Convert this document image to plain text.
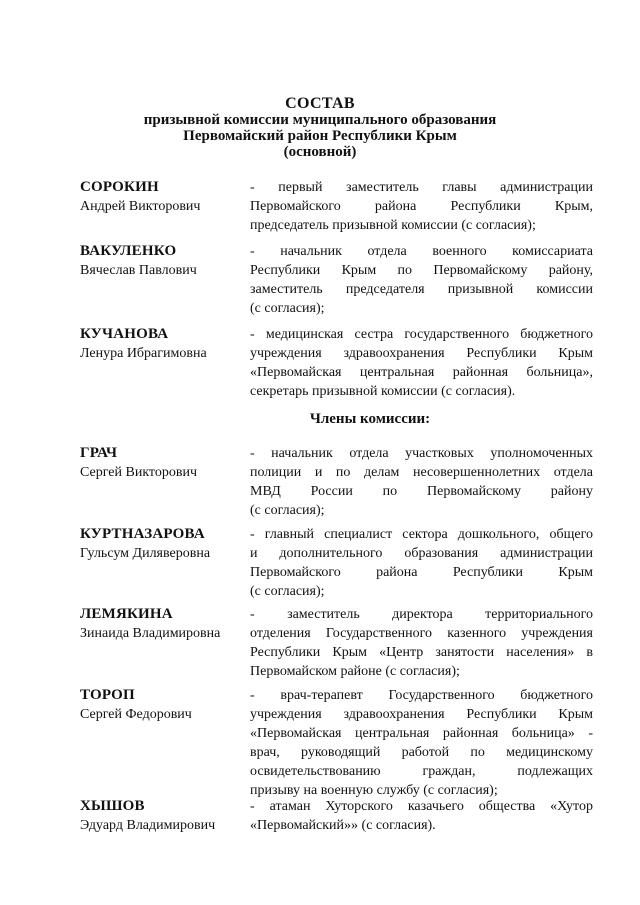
СОСТАВ
призывной комиссии муниципального образования
Первомайский район Республики Крым
(основной)
СОРОКИН
Андрей Викторович
- первый заместитель главы администрации
Первомайского района Республики Крым,
председатель призывной комиссии (с согласия);
ВАКУЛЕНКО
Вячеслав Павлович
- начальник отдела военного комиссариата
Республики Крым по Первомайскому району,
заместитель председателя призывной комиссии
(с согласия);
КУЧАНОВА
Ленура Ибрагимовна
- медицинская сестра государственного бюджетного
учреждения здравоохранения Республики Крым
«Первомайская центральная районная больница»,
секретарь призывной комиссии (с согласия).
Члены комиссии:
ГРАЧ
Сергей Викторович
- начальник отдела участковых уполномоченных
полиции и по делам несовершеннолетних отдела
МВД России по Первомайскому району
(с согласия);
КУРТНАЗАРОВА
Гульсум Диляверовна
- главный специалист сектора дошкольного, общего
и дополнительного образования администрации
Первомайского района Республики Крым
(с согласия);
ЛЕМЯКИНА
Зинаида Владимировна
- заместитель директора территориального
отделения Государственного казенного учреждения
Республики Крым «Центр занятости населения» в
Первомайском районе (с согласия);
ТОРОП
Сергей Федорович
- врач-терапевт Государственного бюджетного
учреждения здравоохранения Республики Крым
«Первомайская центральная районная больница» -
врач, руководящий работой по медицинскому
освидетельствованию граждан, подлежащих
призыву на военную службу (с согласия);
ХЫШОВ
Эдуард Владимирович
- атаман Хуторского казачьего общества «Хутор
«Первомайский»» (с согласия).
